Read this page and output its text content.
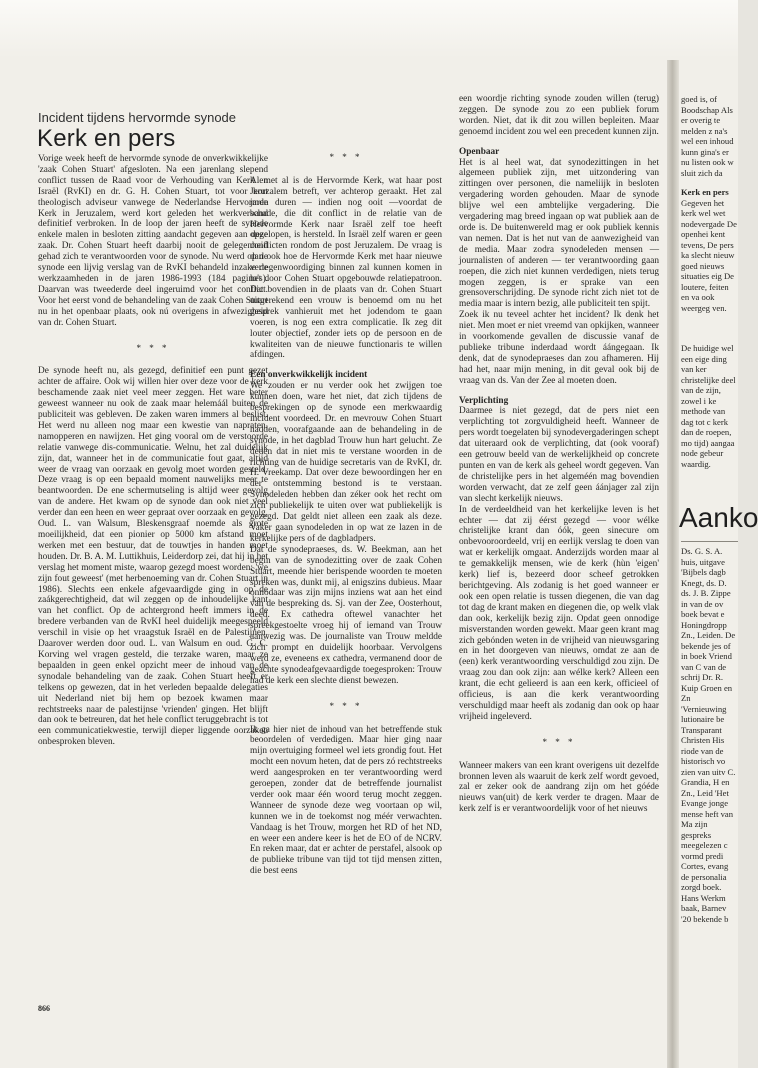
Incident tijdens hervormde synode
Kerk en pers

Vorige week heeft de hervormde synode de onverkwikkelijke 'zaak Cohen Stuart' afgesloten. Na een jarenlang slepend conflict tussen de Raad voor de Verhouding van Kerk en Israël (RvKI) en dr. G. H. Cohen Stuart, tot voor kort theologisch adviseur vanwege de Nederlandse Hervormde Kerk in Jeruzalem, werd kort geleden het werkverband definitief verbroken. In de loop der jaren heeft de synode enkele malen in besloten zitting aandacht gegeven aan deze zaak. Dr. Cohen Stuart heeft daarbij nooit de gelegenheid gehad zich te verantwoorden voor de synode. Nu werd op de synode een lijvig verslag van de RvKI behandeld inzake de werkzaamheden in de jaren 1986-1993 (184 pagina's). Daarvan was tweederde deel ingeruimd voor het conflict. Voor het eerst vond de behandeling van de zaak Cohen Stuart nu in het openbaar plaats, ook nú overigens in afwezigheid van dr. Cohen Stuart.

* * *

De synode heeft nu, als gezegd, definitief een punt gezet achter de affaire. Ook wij willen hier over deze voor de kerk beschamende zaak niet veel meer zeggen. Het ware beter geweest wanneer nu ook de zaak maar helemáál buiten de publiciteit was gebleven. De zaken waren immers al beslist. Het werd nu alleen nog maar een kwestie van napraten, namopperen en nawijzen. Het ging vooral om de verstoorde relatie vanwege dis-communicatie. Welnu, het zal duidelijk zijn, dat, wanneer het in de communicatie fout gaat, altijd weer de vraag van oorzaak en gevolg moet worden gesteld. Deze vraag is op een bepaald moment nauwelijks meer te beantwoorden. De ene schermutseling is altijd weer gevolg van de andere. Het kwam op de synode dan ook niet veel verder dan een heen en weer gepraat over oorzaak en gevolg. Oud. L. van Walsum, Bleskensgraaf noemde als grote moeilijkheid, dat een pionier op 5000 km afstand moet werken met een bestuur, dat de touwtjes in handen moet houden. Dr. B. A. M. Luttikhuis, Leiderdorp zei, dat hij in het verslag het moment miste, waarop gezegd moest worden: 'we zijn fout geweest' (met herbenoeming van dr. Cohen Stuart in 1986). Slechts een enkele afgevaardigde ging in op de zaákgerechtigheid, dat wil zeggen op de inhoudelijke kant van het conflict. Op de achtergrond heeft immers in de bredere verbanden van de RvKI heel duidelijk meegespeeld verschil in visie op het vraagstuk Israël en de Palestijnen. Daarover werden door oud. L. van Walsum en oud. G. C. Korving wel vragen gesteld, die terzake waren, maar ze bepaalden in geen enkel opzicht meer de inhoud van de synodale behandeling van de zaak. Cohen Stuart heeft er telkens op gewezen, dat in het verleden bepaalde delegaties uit Nederland niet bij hem op bezoek kwamen maar rechtstreeks naar de palestijnse 'vrienden' gingen. Het blijft dan ook te betreuren, dat het hele conflict teruggebracht is tot een communicatiekwestie, terwijl dieper liggende oorzaken onbesproken bleven.

* * *

Al met al is de Hervormde Kerk, wat haar post Jeruzalem betreft, ver achterop geraakt. Het zal jaren duren — indien nog ooit —voordat de schade, die dit conflict in de relatie van de Hervormde Kerk naar Israël zelf toe heeft opgelopen, is hersteld. In Israël zelf waren er geen conflicten rondom de post Jeruzalem. De vraag is dan ook hoe de Hervormde Kerk met haar nieuwe vertegenwoordiging binnen zal kunnen komen in het door Cohen Stuart opgebouwde relatiepatroon. Dat bovendien in de plaats van dr. Cohen Stuart uitgerekend een vrouw is benoemd om nu het gesprek vanhieruit met het jodendom te gaan voeren, is nog een extra complicatie. Ik zeg dit louter objectief, zonder iets op de persoon en de kwaliteiten van de nieuwe functionaris te willen afdingen.

Een onverkwikkelijk incident

We zouden er nu verder ook het zwijgen toe kunnen doen, ware het niet, dat zich tijdens de besprekingen op de synode een merkwaardig incident voordeed. Dr. en mevrouw Cohen Stuart hadden, voorafgaande aan de behandeling in de synode, in het dagblad Trouw hun hart gelucht. Ze deden dat in niet mis te verstane woorden in de richting van de huidige secretaris van de RvKI, dr. H. Vreekamp. Dat over deze bewoordingen her en der ontstemming bestond is te verstaan. Synodeleden hebben dan zéker ook het recht om zich publiekelijk te uiten over wat publiekelijk is gezegd. Dat geldt niet alleen een zaak als deze. Vaker gaan synodeleden in op wat ze lazen in de kerkelijke pers of de dagbladpers.

Dat de synodepraeses, ds. W. Beekman, aan het begin van de synodezitting over de zaak Cohen Stuart, meende hier berispende woorden te moeten spreken was, dunkt mij, al enigszins dubieus. Maar onnodaar was zijn mijns inziens wat aan het eind van de bespreking ds. Sj. van der Zee, Oosterhout, deed. Ex cathedra oftewel vanachter het spreekgestoelte vroeg hij of iemand van Trouw aanwezig was. De journaliste van Trouw meldde zich prompt en duidelijk hoorbaar. Vervolgens werd ze, eveneens ex cathedra, vermanend door de geachte synodeafgevaardigde toegesproken: Trouw had de kerk een slechte dienst bewezen.

* * *

Ik ga hier niet de inhoud van het betreffende stuk beoordelen of verdedigen. Maar hier ging naar mijn overtuiging formeel wel iets grondig fout. Het mocht een novum heten, dat de pers zó rechtstreeks werd aangesproken en ter verantwoording werd geroepen, zonder dat de betreffende journalist verder ook maar één woord terug mocht zeggen. Wanneer de synode deze weg voortaan op wil, kunnen we in de toekomst nog méér verwachten. Vandaag is het Trouw, morgen het RD of het ND, en weer een andere keer is het de EO of de NCRV. En reken maar, dat er achter de perstafel, alsook op de publieke tribune van tijd tot tijd mensen zitten, die best eens

een woordje richting synode zouden willen (terug) zeggen. De synode zou zo een publiek forum worden. Niet, dat ik dit zou willen bepleiten. Maar genoemd incident zou wel een precedent kunnen zijn.

Openbaar

Het is al heel wat, dat synodezittingen in het algemeen publiek zijn, met uitzondering van zittingen over personen, die nameliijk in besloten vergadering worden gehouden. Maar de synode blijve wel een ambtelijke vergadering. Die vergadering mag breed ingaan op wat publiek aan de orde is. De buitenwereld mag er ook publiek kennis van nemen. Dat is het nut van de aanwezigheid van de media. Maar zodra synodeleden mensen — journalisten of anderen — ter verantwoording gaan roepen, die zich niet kunnen verdedigen, niets terug mogen zeggen, is er sprake van een grensoverschrijding. De synode richt zich niet tot de media maar is intern bezig, alle publiciteit ten spijt.

Zoek ik nu teveel achter het incident? Ik denk het niet. Men moet er niet vreemd van opkijken, wanneer in voorkomende gevallen de discussie vanaf de publieke tribune inderdaad wordt áángegaan. Ik denk, dat de synodepraeses dan zou afhameren. Hij had het, naar mijn mening, in dit geval ook bij de vraag van ds. Van der Zee al moeten doen.

Verplichting

Daarmee is niet gezegd, dat de pers niet een verplichting tot zorgvuldigheid heeft. Wanneer de pers wordt toegelaten bij synodevergaderingen schept dat uiteraard ook de verplichting, dat (ook vooraf) een getrouw beeld van de werkelijkheid op concrete punten en van de kerk als geheel wordt gegeven. Van de christelijke pers in het algeméén mag bovendien worden verwacht, dat ze zelf geen áánjager zal zijn van slecht kerkelijk nieuws.

In de verdeeldheid van het kerkelijke leven is het echter — dat zij éérst gezegd — voor wélke christelijke krant dan óók, geen sinecure om onbevooroordeeld, vrij en eerlijk verslag te doen van wat er kerkelijk omgaat. Anderzijds worden maar al te gemakkelijk mensen, wie de kerk (hùn 'eigen' kerk) lief is, bezeerd door scheef getrokken berichtgeving. Als zodanig is het goed wanneer er ook een open relatie is tussen diegenen, die van dag tot dag de krant maken en diegenen die, op welk vlak dan ook, kerkelijk bezig zijn. Opdat geen onnodige misverstanden worden gewekt. Maar geen krant mag zich gebónden weten in de vrijheid van nieuwsgaring en in het doorgeven van nieuws, omdat ze aan de (een) kerk verantwoording verschuldigd zou zijn. De vraag zou dan ook zijn: aan wélke kerk? Alleen een krant, die echt gelieerd is aan een kerk, officieel of officieus, is aan die kerk verantwoording verschuldigd maar heeft als zodanig dan ook op haar vrijheid ingeleverd.

* * *

Wanneer makers van een krant overigens uit dezelfde bronnen leven als waaruit de kerk zelf wordt gevoed, zal er zeker ook de aandrang zijn om het góéde nieuws van(uit) de kerk verder te dragen. Maar de kerk zelf is er verantwoordelijk voor of het nieuws

goed is, of Boodschap Als er overig te melden z na's wel een inhoud kunn gina's er nu listen ook w sluit zich da

Kerk en pers

Gegeven het kerk wel wet nodevergade De openhei kent tevens, De pers ka slecht nieuw goed nieuws situaties eig De loutere, feiten en va ook weergeg ven.

De huidige wel een eige ding van ker christelijke deel van de zijn, zowel i ke methode van dag tot c kerk dan de roepen, mo tijd) aangaa node gebeur waardig.

Aanko

Ds. G. S. A. huis, uitgave 'Bijbels dagb Knegt, ds. D. ds. J. B. Zippe in van de ov boek bevat e Honingdropp Zn., Leiden. De bekende jes of in boek Vriend van C van de schrij Dr. R. Kuip Groen en Zn 'Vernieuwing lutionaire be Transparant Christen His riode van de historisch vo zien van uitv C. Grandia, H en Zn., Leid 'Het Evange jonge mense heft van Ma zijn gespreks meegelezen c vormd predi Cortes, evang de personalia zorgd boek. Hans Werkm baak, Barnev '20 bekende b

866
